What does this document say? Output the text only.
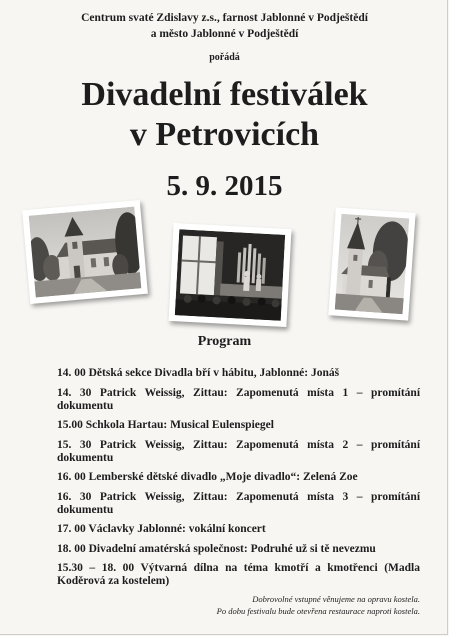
Centrum svaté Zdislavy z.s., farnost Jablonné v Podještědí
a město Jablonné v Podještědí
pořádá
Divadelní festiválek
v Petrovicích
5. 9. 2015
Program
14. 00 Dětská sekce Divadla bří v hábitu, Jablonné: Jonáš
14. 30 Patrick Weissig, Zittau: Zapomenutá místa 1 – promítání dokumentu
15.00 Schkola Hartau: Musical Eulenspiegel
15. 30 Patrick Weissig, Zittau: Zapomenutá místa 2 – promítání dokumentu
16. 00 Lemberské dětské divadlo „Moje divadlo“: Zelená Zoe
16. 30 Patrick Weissig, Zittau: Zapomenutá místa 3 – promítání dokumentu
17. 00 Václavky Jablonné: vokální koncert
18. 00 Divadelní amatérská společnost: Podruhé už si tě nevezmu
15.30 – 18. 00 Výtvarná dílna na téma kmotří a kmotřenci (Madla Koděrová za kostelem)
Dobrovolné vstupné věnujeme na opravu kostela.
Po dobu festivalu bude otevřena restaurace naproti kostela.
